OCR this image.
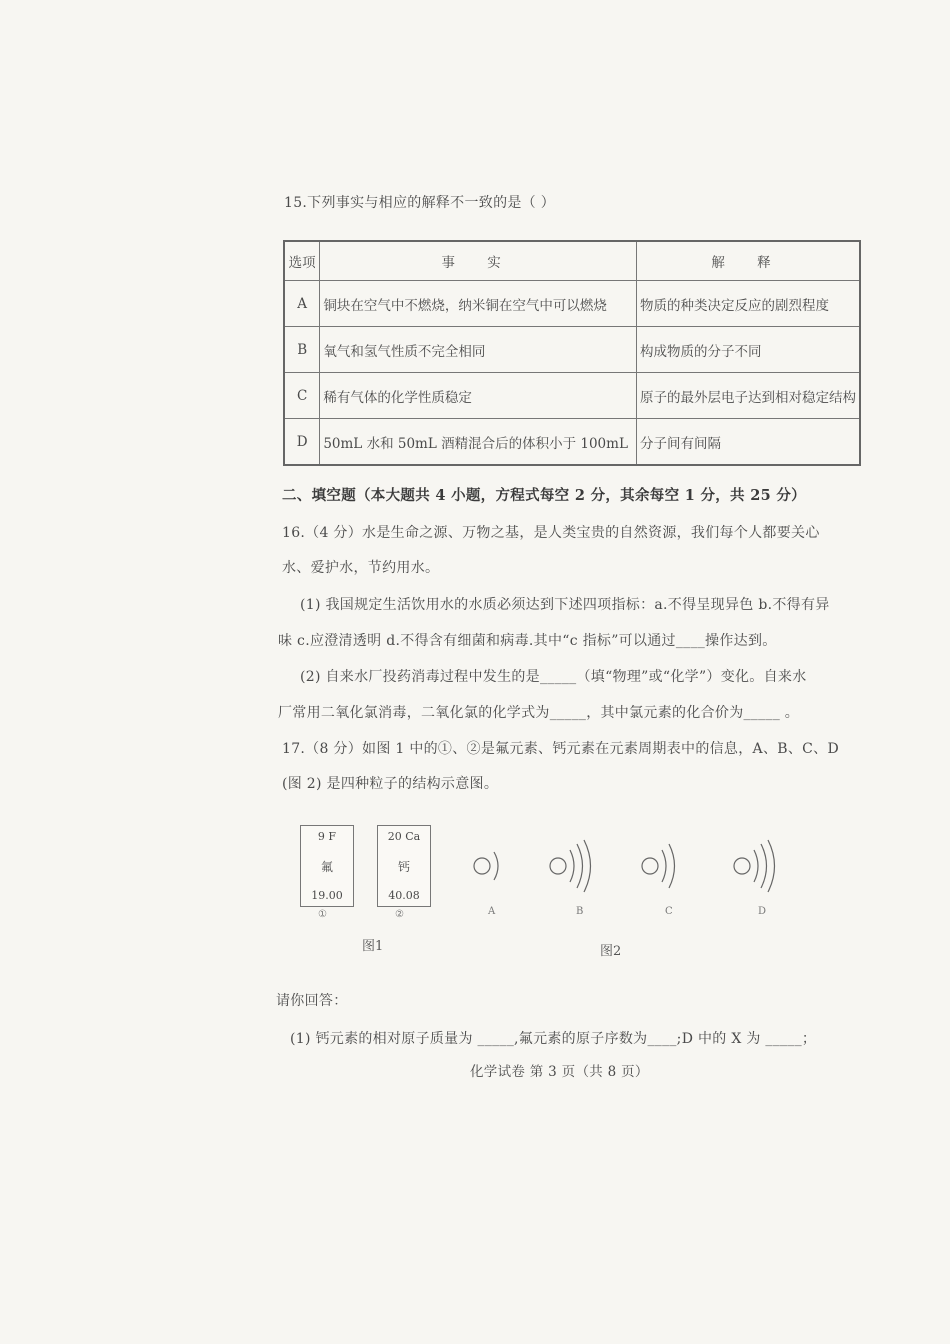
15.下列事实与相应的解释不一致的是（ ）
选项	事 实	解 释
A	铜块在空气中不燃烧，纳米铜在空气中可以燃烧	物质的种类决定反应的剧烈程度
B	氧气和氢气性质不完全相同	构成物质的分子不同
C	稀有气体的化学性质稳定	原子的最外层电子达到相对稳定结构
D	50mL 水和 50mL 酒精混合后的体积小于 100mL	分子间有间隔
二、填空题（本大题共 4 小题，方程式每空 2 分，其余每空 1 分，共 25 分）
16.（4 分）水是生命之源、万物之基，是人类宝贵的自然资源，我们每个人都要关心
水、爱护水，节约用水。
(1) 我国规定生活饮用水的水质必须达到下述四项指标：a.不得呈现异色 b.不得有异
味 c.应澄清透明 d.不得含有细菌和病毒.其中“c 指标”可以通过____操作达到。
(2) 自来水厂投药消毒过程中发生的是_____（填“物理”或“化学”）变化。自来水
厂常用二氧化氯消毒，二氧化氯的化学式为_____，其中氯元素的化合价为_____ 。
17.（8 分）如图 1 中的①、②是氟元素、钙元素在元素周期表中的信息，A、B、C、D
(图 2) 是四种粒子的结构示意图。
9 F
氟
19.00
①
20 Ca
钙
40.08
②
图1
A	B	C	D
图2
请你回答：
(1) 钙元素的相对原子质量为 _____,氟元素的原子序数为____;D 中的 X 为 _____；
化学试卷 第 3 页（共 8 页）
